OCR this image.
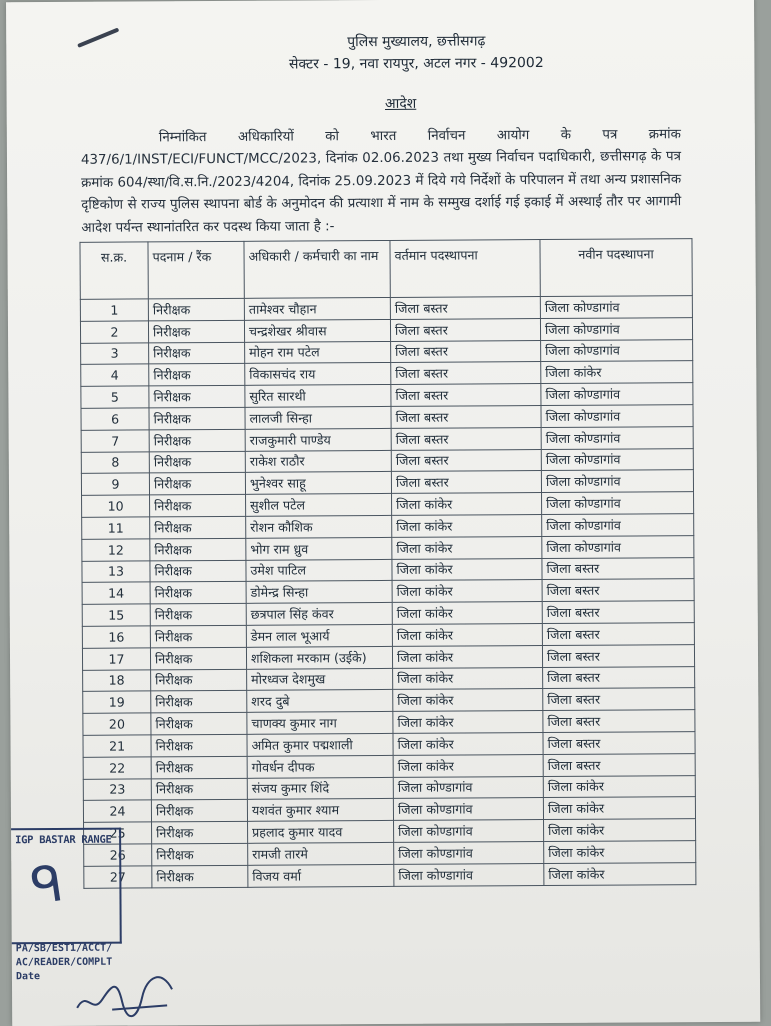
पुलिस मुख्यालय, छत्तीसगढ़
सेक्टर - 19, नवा रायपुर, अटल नगर - 492002
आदेश
निम्नांकित अधिकारियों को भारत निर्वाचन आयोग के पत्र क्रमांक 437/6/1/INST/ECI/FUNCT/MCC/2023, दिनांक 02.06.2023 तथा मुख्य निर्वाचन पदाधिकारी, छत्तीसगढ़ के पत्र क्रमांक 604/स्था/वि.स.नि./2023/4204, दिनांक 25.09.2023 में दिये गये निर्देशों के परिपालन में तथा अन्य प्रशासनिक दृष्टिकोण से राज्य पुलिस स्थापना बोर्ड के अनुमोदन की प्रत्याशा में नाम के सम्मुख दर्शाई गई इकाई में अस्थाई तौर पर आगामी आदेश पर्यन्त स्थानांतरित कर पदस्थ किया जाता है :-
स.क्र.	पदनाम / रैंक	अधिकारी / कर्मचारी का नाम	वर्तमान पदस्थापना	नवीन पदस्थापना
1	निरीक्षक	तामेश्वर चौहान	जिला बस्तर	जिला कोण्डागांव
2	निरीक्षक	चन्द्रशेखर श्रीवास	जिला बस्तर	जिला कोण्डागांव
3	निरीक्षक	मोहन राम पटेल	जिला बस्तर	जिला कोण्डागांव
4	निरीक्षक	विकासचंद राय	जिला बस्तर	जिला कांकेर
5	निरीक्षक	सुरित सारथी	जिला बस्तर	जिला कोण्डागांव
6	निरीक्षक	लालजी सिन्हा	जिला बस्तर	जिला कोण्डागांव
7	निरीक्षक	राजकुमारी पाण्डेय	जिला बस्तर	जिला कोण्डागांव
8	निरीक्षक	राकेश राठौर	जिला बस्तर	जिला कोण्डागांव
9	निरीक्षक	भुनेश्वर साहू	जिला बस्तर	जिला कोण्डागांव
10	निरीक्षक	सुशील पटेल	जिला कांकेर	जिला कोण्डागांव
11	निरीक्षक	रोशन कौशिक	जिला कांकेर	जिला कोण्डागांव
12	निरीक्षक	भोग राम ध्रुव	जिला कांकेर	जिला कोण्डागांव
13	निरीक्षक	उमेश पाटिल	जिला कांकेर	जिला बस्तर
14	निरीक्षक	डोमेन्द्र सिन्हा	जिला कांकेर	जिला बस्तर
15	निरीक्षक	छत्रपाल सिंह कंवर	जिला कांकेर	जिला बस्तर
16	निरीक्षक	डेमन लाल भूआर्य	जिला कांकेर	जिला बस्तर
17	निरीक्षक	शशिकला मरकाम (उईके)	जिला कांकेर	जिला बस्तर
18	निरीक्षक	मोरध्वज देशमुख	जिला कांकेर	जिला बस्तर
19	निरीक्षक	शरद दुबे	जिला कांकेर	जिला बस्तर
20	निरीक्षक	चाणक्य कुमार नाग	जिला कांकेर	जिला बस्तर
21	निरीक्षक	अमित कुमार पद्मशाली	जिला कांकेर	जिला बस्तर
22	निरीक्षक	गोवर्धन दीपक	जिला कांकेर	जिला बस्तर
23	निरीक्षक	संजय कुमार शिंदे	जिला कोण्डागांव	जिला कांकेर
24	निरीक्षक	यशवंत कुमार श्याम	जिला कोण्डागांव	जिला कांकेर
25	निरीक्षक	प्रहलाद कुमार यादव	जिला कोण्डागांव	जिला कांकेर
26	निरीक्षक	रामजी तारमे	जिला कोण्डागांव	जिला कांकेर
27	निरीक्षक	विजय वर्मा	जिला कोण्डागांव	जिला कांकेर
IGP BASTAR RANGE
ᑫ
PA/SB/EST1/ACCT/
AC/READER/COMPLT
Date
